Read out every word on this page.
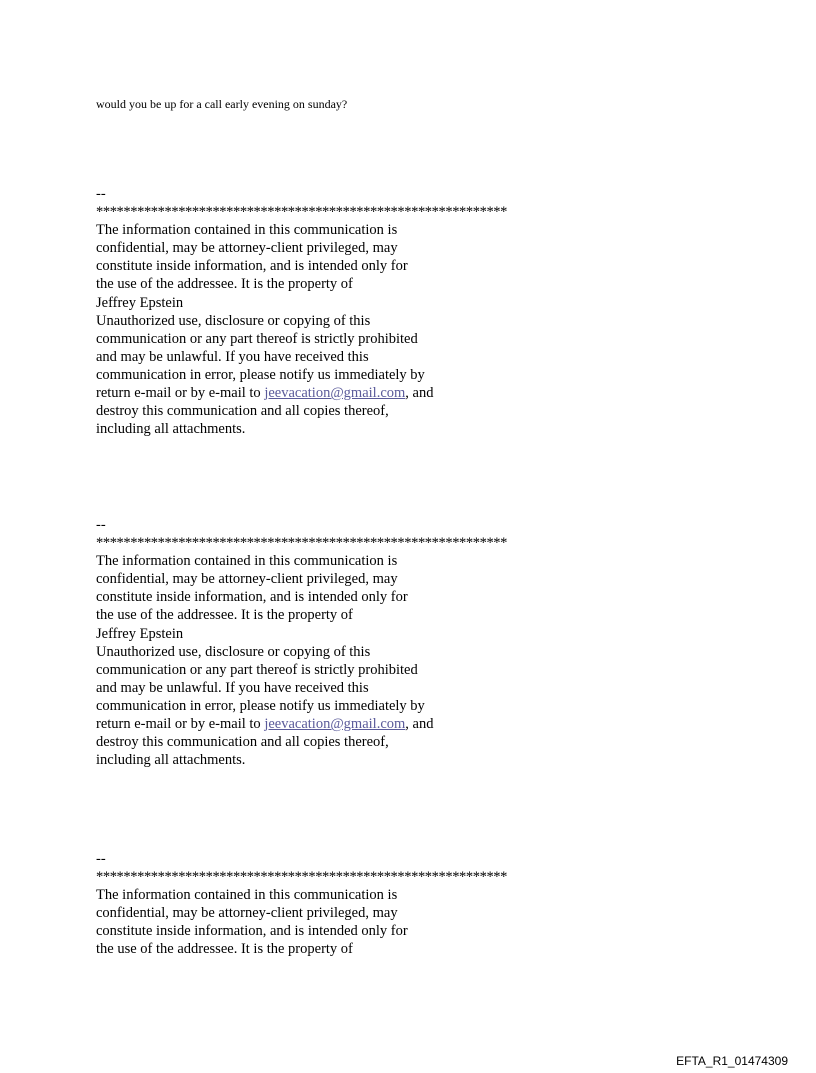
would you be up for a call early evening on sunday?
--
************************************************************
The information contained in this communication is
confidential, may be attorney-client privileged, may
constitute inside information, and is intended only for
the use of the addressee. It is the property of
Jeffrey Epstein
Unauthorized use, disclosure or copying of this
communication or any part thereof is strictly prohibited
and may be unlawful. If you have received this
communication in error, please notify us immediately by
return e-mail or by e-mail to jeevacation@gmail.com, and
destroy this communication and all copies thereof,
including all attachments.
--
************************************************************
The information contained in this communication is
confidential, may be attorney-client privileged, may
constitute inside information, and is intended only for
the use of the addressee. It is the property of
Jeffrey Epstein
Unauthorized use, disclosure or copying of this
communication or any part thereof is strictly prohibited
and may be unlawful. If you have received this
communication in error, please notify us immediately by
return e-mail or by e-mail to jeevacation@gmail.com, and
destroy this communication and all copies thereof,
including all attachments.
--
************************************************************
The information contained in this communication is
confidential, may be attorney-client privileged, may
constitute inside information, and is intended only for
the use of the addressee. It is the property of
EFTA_R1_01474309
